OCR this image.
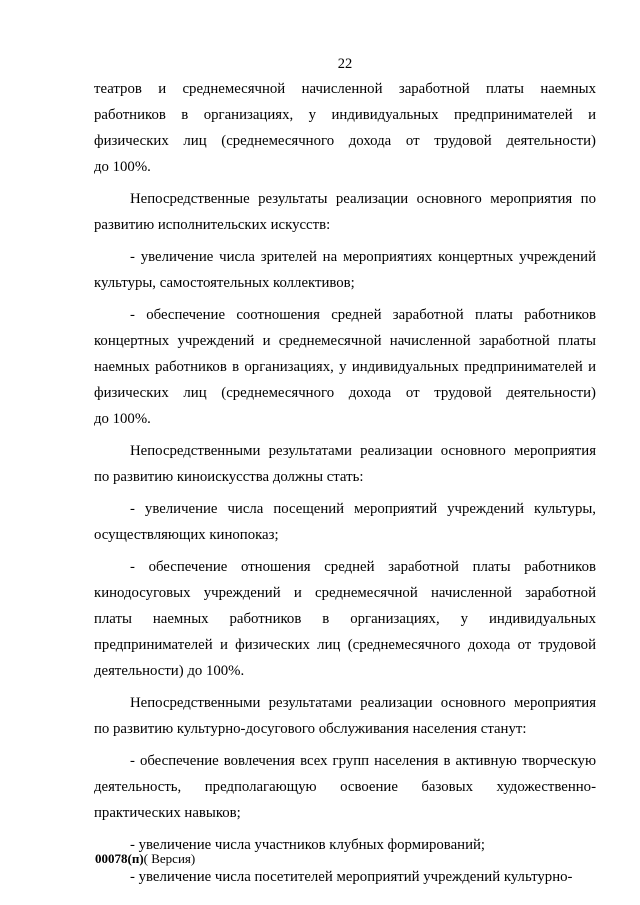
22
театров и среднемесячной начисленной заработной платы наемных
работников в организациях, у индивидуальных предпринимателей и
физических лиц (среднемесячного дохода от трудовой деятельности)
до 100%.
Непосредственные результаты реализации основного мероприятия по
развитию исполнительских искусств:
- увеличение числа зрителей на мероприятиях концертных учреждений
культуры, самостоятельных коллективов;
- обеспечение соотношения средней заработной платы работников
концертных учреждений и среднемесячной начисленной заработной платы
наемных работников в организациях, у индивидуальных предпринимателей и
физических лиц (среднемесячного дохода от трудовой деятельности)
до 100%.
Непосредственными результатами реализации основного мероприятия
по развитию киноискусства должны стать:
- увеличение числа посещений мероприятий учреждений культуры,
осуществляющих кинопоказ;
- обеспечение отношения средней заработной платы работников
кинодосуговых учреждений и среднемесячной начисленной заработной
платы наемных работников в организациях, у индивидуальных
предпринимателей и физических лиц (среднемесячного дохода от трудовой
деятельности) до 100%.
Непосредственными результатами реализации основного мероприятия
по развитию культурно-досугового обслуживания населения станут:
- обеспечение вовлечения всех групп населения в активную творческую
деятельность, предполагающую освоение базовых художественно-
практических навыков;
- увеличение числа участников клубных формирований;
- увеличение числа посетителей мероприятий учреждений культурно-
00078(п)( Версия)
